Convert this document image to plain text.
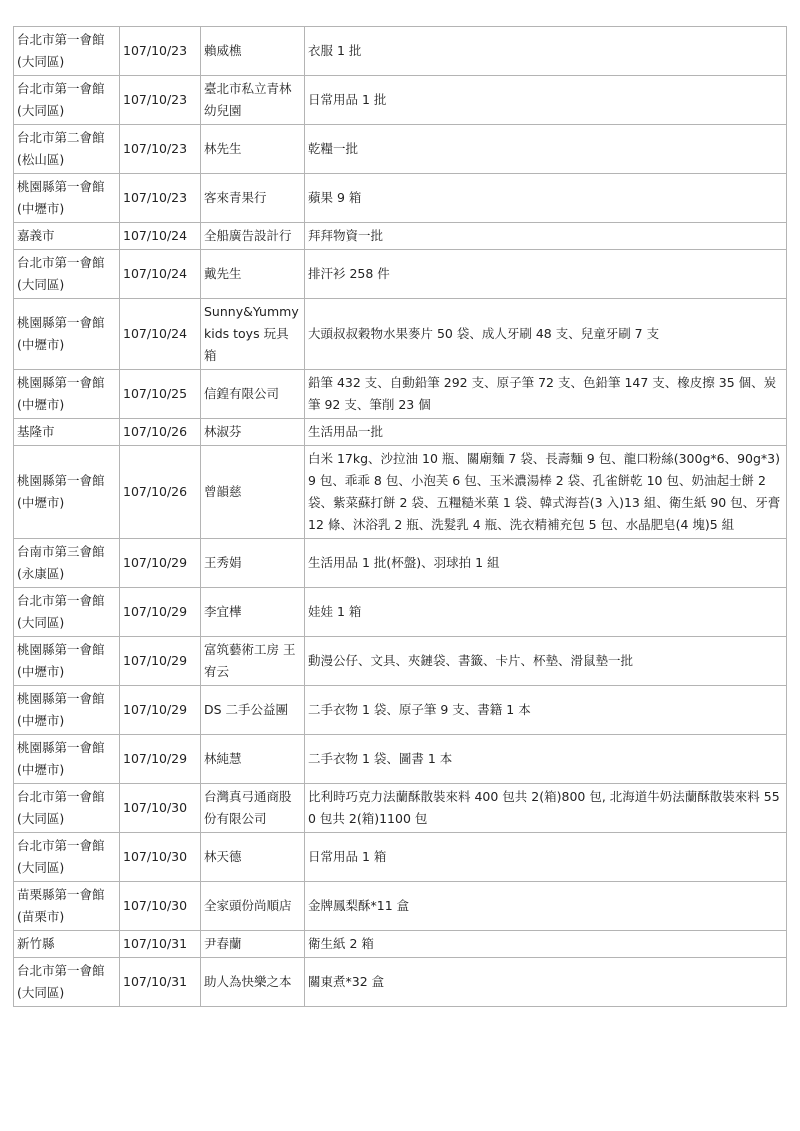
台北市第一會館
(大同區)	107/10/23	賴威樵	衣服 1 批

台北市第一會館
(大同區)	107/10/23	臺北市私立青林幼兒園	日常用品 1 批

台北市第二會館
(松山區)	107/10/23	林先生	乾糧一批

桃園縣第一會館
(中壢市)	107/10/23	客來青果行	蘋果 9 箱

嘉義市	107/10/24	全船廣告設計行	拜拜物資一批

台北市第一會館
(大同區)	107/10/24	戴先生	排汗衫 258 件

桃園縣第一會館
(中壢市)	107/10/24	Sunny&Yummy kids toys 玩具箱	大頭叔叔穀物水果麥片 50 袋、成人牙刷 48 支、兒童牙刷 7 支

桃園縣第一會館
(中壢市)	107/10/25	信鍠有限公司	鉛筆 432 支、自動鉛筆 292 支、原子筆 72 支、色鉛筆 147 支、橡皮擦 35 個、炭筆 92 支、筆削 23 個

基隆市	107/10/26	林淑芬	生活用品一批

桃園縣第一會館
(中壢市)	107/10/26	曾韻慈	白米 17kg、沙拉油 10 瓶、關廟麵 7 袋、長壽麵 9 包、龍口粉絲(300g*6、90g*3)9 包、乖乖 8 包、小泡芙 6 包、玉米濃湯棒 2 袋、孔雀餅乾 10 包、奶油起士餅 2 袋、紫菜蘇打餅 2 袋、五糧糙米菓 1 袋、韓式海苔(3 入)13 組、衛生紙 90 包、牙膏 12 條、沐浴乳 2 瓶、洗髮乳 4 瓶、洗衣精補充包 5 包、水晶肥皂(4 塊)5 組

台南市第三會館
(永康區)	107/10/29	王秀娟	生活用品 1 批(杯盤)、羽球拍 1 組

台北市第一會館
(大同區)	107/10/29	李宜樺	娃娃 1 箱

桃園縣第一會館
(中壢市)	107/10/29	富筑藝術工房 王宥云	動漫公仔、文具、夾鏈袋、書籤、卡片、杯墊、滑鼠墊一批

桃園縣第一會館
(中壢市)	107/10/29	DS 二手公益團	二手衣物 1 袋、原子筆 9 支、書籍 1 本

桃園縣第一會館
(中壢市)	107/10/29	林純慧	二手衣物 1 袋、圖書 1 本

台北市第一會館
(大同區)	107/10/30	台灣真弓通商股份有限公司	比利時巧克力法蘭酥散裝來料 400 包共 2(箱)800 包, 北海道牛奶法蘭酥散裝來料 550 包共 2(箱)1100 包

台北市第一會館
(大同區)	107/10/30	林天德	日常用品 1 箱

苗栗縣第一會館
(苗栗市)	107/10/30	全家頭份尚順店	金牌鳳梨酥*11 盒

新竹縣	107/10/31	尹春蘭	衛生紙 2 箱

台北市第一會館
(大同區)	107/10/31	助人為快樂之本	關東煮*32 盒
